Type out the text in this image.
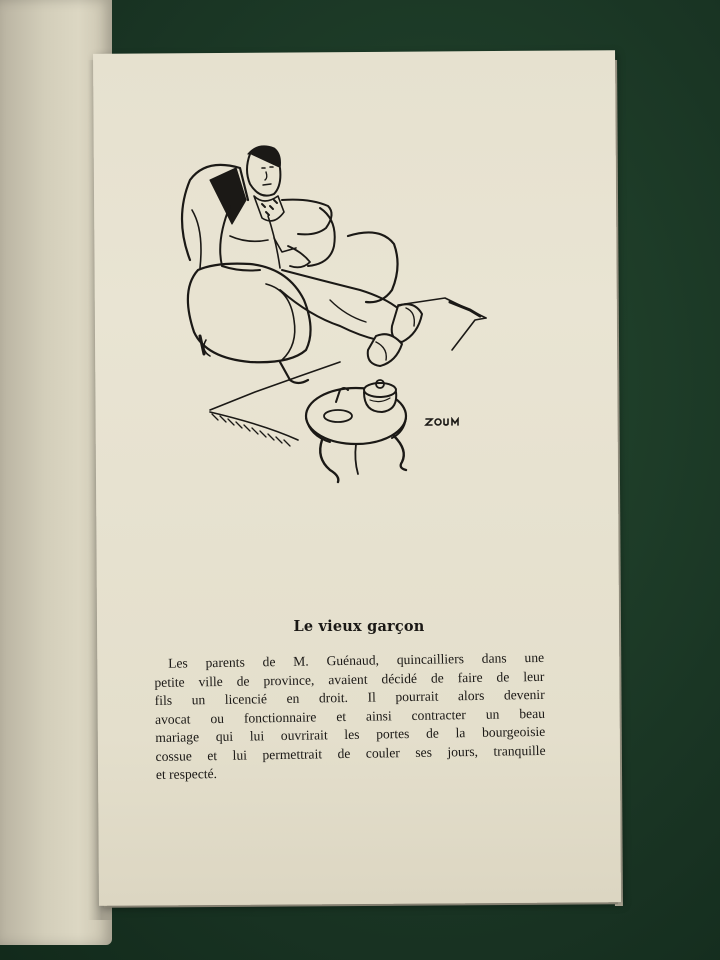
Le vieux garçon
Les parents de M. Guénaud, quincailliers dans une
petite ville de province, avaient décidé de faire de leur
fils un licencié en droit. Il pourrait alors devenir
avocat ou fonctionnaire et ainsi contracter un beau
mariage qui lui ouvrirait les portes de la bourgeoisie
cossue et lui permettrait de couler ses jours, tranquille
et respecté.
